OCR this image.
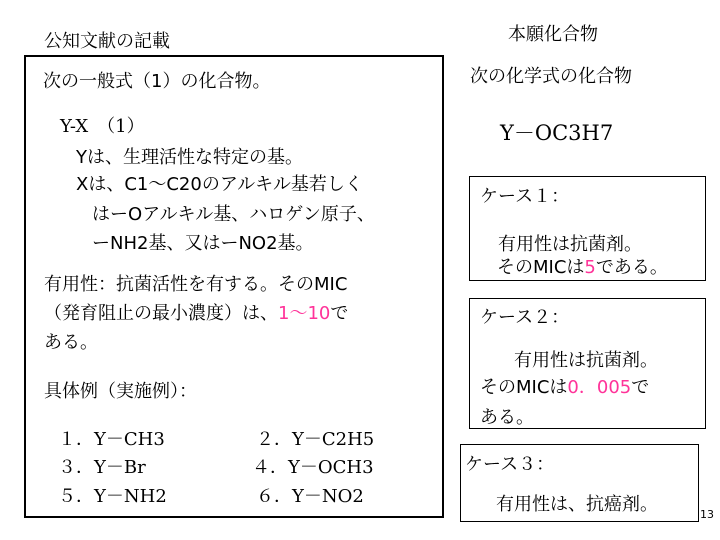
公知文献の記載
次の一般式（1）の化合物。
Y-X　（1）
Yは、生理活性な特定の基。
Xは、C1～C20のアルキル基若しく
はーOアルキル基、ハロゲン原子、
ーNH2基、又はーNO2基。
有用性：抗菌活性を有する。そのMIC
（発育阻止の最小濃度）は、1～10で
ある。
具体例（実施例）：
１．Y－CH3	２．Y－C2H5
３．Y－Br	４．Y－OCH3
５．Y－NH2	６．Y－NO2
本願化合物
次の化学式の化合物
Y－OC3H7
ケース１：
有用性は抗菌剤。
そのMICは5である。
ケース２：
有用性は抗菌剤。
そのMICは0．005で
ある。
ケース３：
有用性は、抗癌剤。	13
